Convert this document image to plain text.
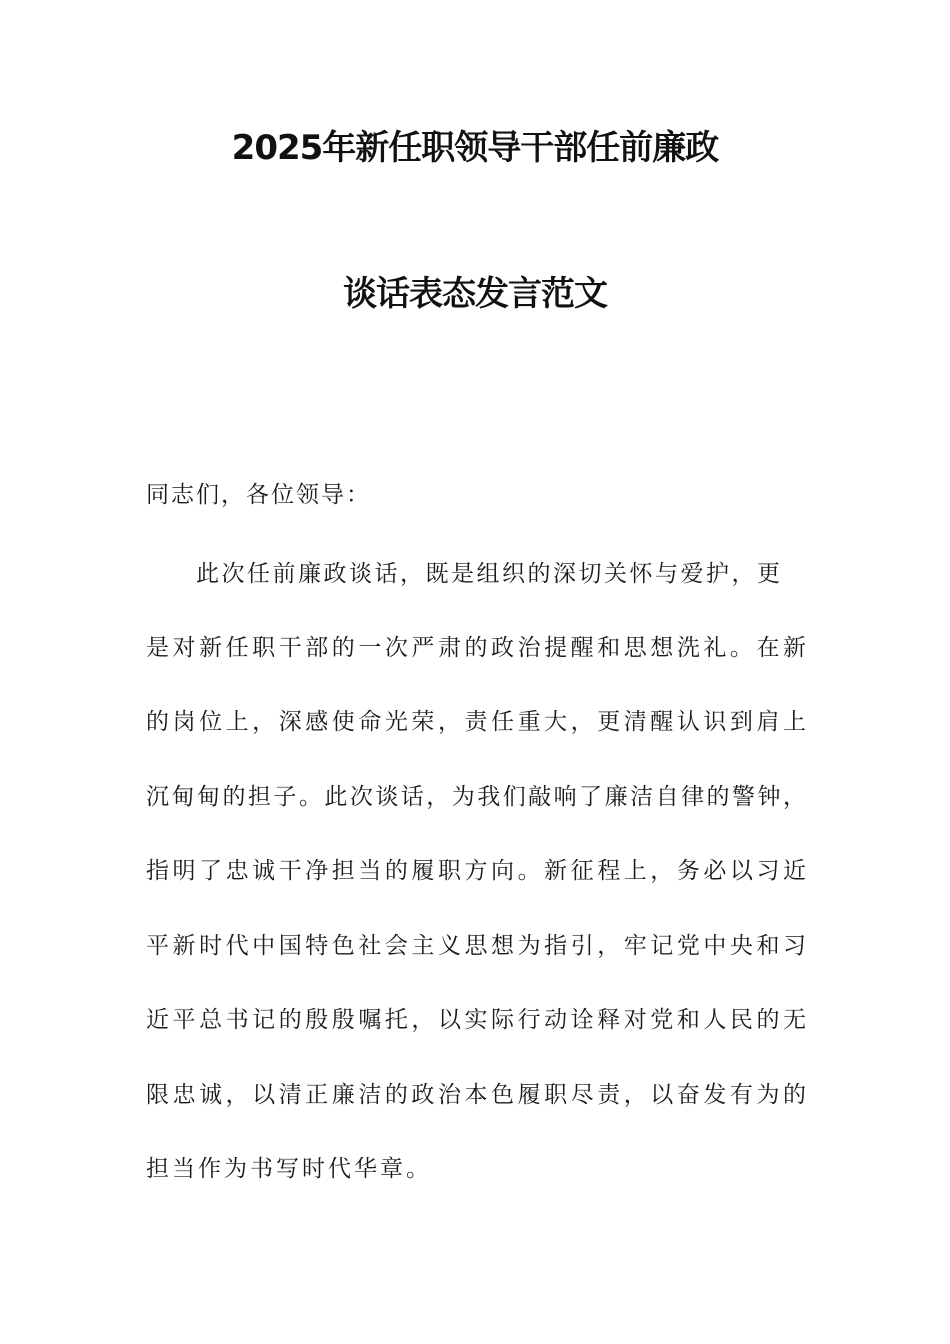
2025年新任职领导干部任前廉政
谈话表态发言范文
同志们，各位领导：
此次任前廉政谈话，既是组织的深切关怀与爱护，更
是对新任职干部的一次严肃的政治提醒和思想洗礼。在新
的岗位上，深感使命光荣，责任重大，更清醒认识到肩上
沉甸甸的担子。此次谈话，为我们敲响了廉洁自律的警钟，
指明了忠诚干净担当的履职方向。新征程上，务必以习近
平新时代中国特色社会主义思想为指引，牢记党中央和习
近平总书记的殷殷嘱托，以实际行动诠释对党和人民的无
限忠诚，以清正廉洁的政治本色履职尽责，以奋发有为的
担当作为书写时代华章。
